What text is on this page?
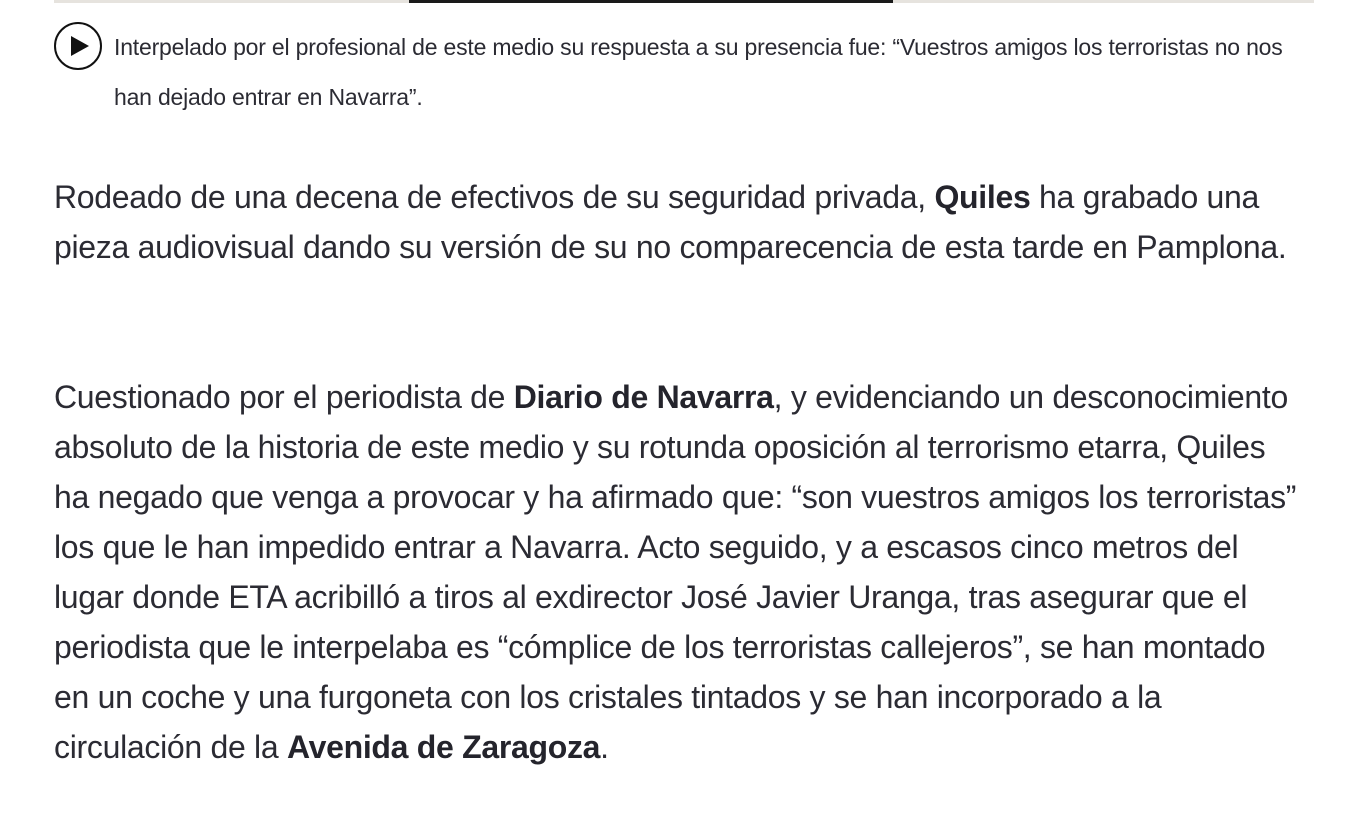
Interpelado por el profesional de este medio su respuesta a su presencia fue: “Vuestros amigos los terroristas no nos han dejado entrar en Navarra”.

Rodeado de una decena de efectivos de su seguridad privada, Quiles ha grabado una pieza audiovisual dando su versión de su no comparecencia de esta tarde en Pamplona.

Cuestionado por el periodista de Diario de Navarra, y evidenciando un desconocimiento absoluto de la historia de este medio y su rotunda oposición al terrorismo etarra, Quiles ha negado que venga a provocar y ha afirmado que: “son vuestros amigos los terroristas” los que le han impedido entrar a Navarra. Acto seguido, y a escasos cinco metros del lugar donde ETA acribilló a tiros al exdirector José Javier Uranga, tras asegurar que el periodista que le interpelaba es “cómplice de los terroristas callejeros”, se han montado en un coche y una furgoneta con los cristales tintados y se han incorporado a la circulación de la Avenida de Zaragoza.
